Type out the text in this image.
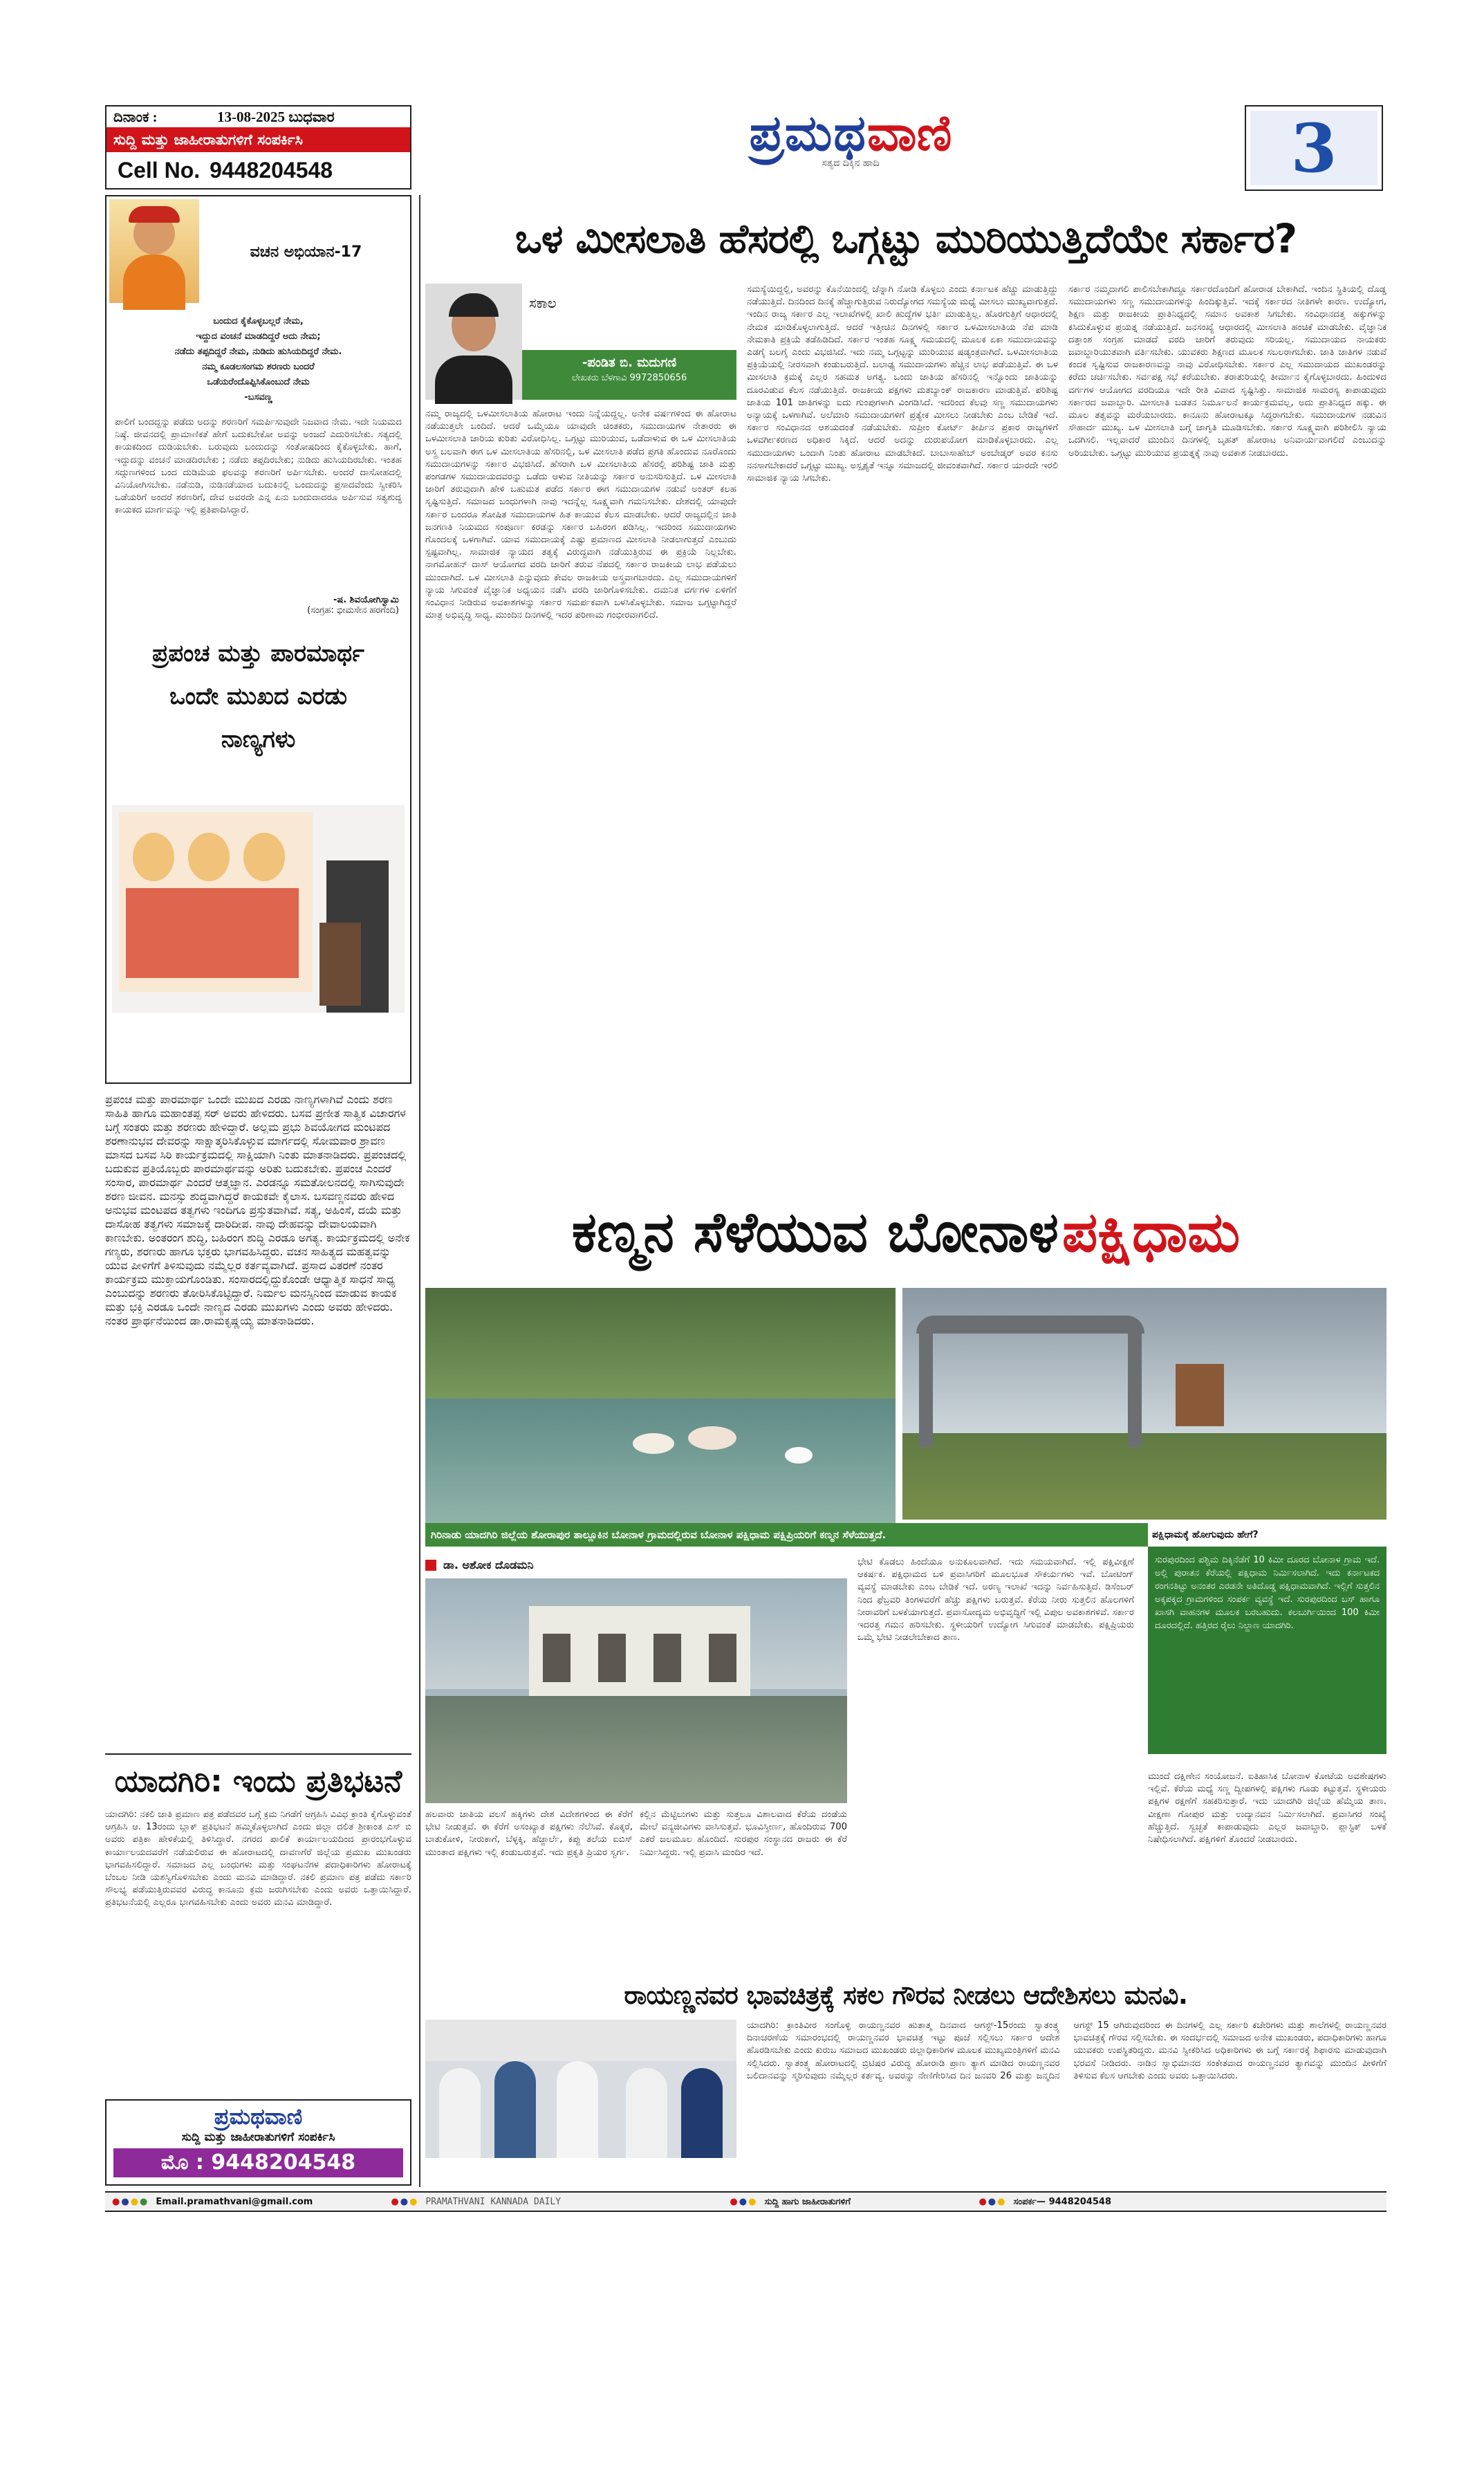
ದಿನಾಂಕ :	13-08-2025 ಬುಧವಾರ
ಸುದ್ದಿ ಮತ್ತು ಜಾಹೀರಾತುಗಳಿಗೆ ಸಂಪರ್ಕಿಸಿ
Cell No. 9448204548
ಪ್ರಮಥವಾಣಿ
ಸತ್ಯದ ದಿಕ್ಕಿನ ಹಾದಿ	3
ವಚನ ಅಭಿಯಾನ-17
ಬಂದುದ ಕೈಕೊಳ್ಳಬಲ್ಲರೆ ನೇಮ,
ಇದ್ದುದ ವಂಚನೆ ಮಾಡದಿದ್ದರೆ ಅದು ನೇಮ;
ನಡೆದು ತಪ್ಪದಿದ್ದರೆ ನೇಮ, ನುಡಿದು ಹುಸಿಯದಿದ್ದರೆ ನೇಮ.
ನಮ್ಮ ಕೂಡಲಸಂಗಮ ಶರಣರು ಬಂದರೆ
ಒಡೆಯರೆಂದೊಪ್ಪಿಸಿಕೊಂಬುದೆ ನೇಮ
-ಬಸವಣ್ಣ
ಪಾಲಿಗೆ ಬಂದದ್ದನ್ನು ಪಡೆದು ಅದನ್ನು ಶರಣರಿಗೆ ಸಮರ್ಪಿಸುವುದೇ ನಿಜವಾದ ನೇಮ. ಇದೇ ನಿಯಮದ ನಿಷ್ಠೆ. ಜೀವನದಲ್ಲಿ ಪ್ರಾಮಾಣಿಕತೆ ಹೇಗೆ ಬದುಕಬೇಕೋ ಅವನ್ನು ಅಂಜದೆ ಎದುರಿಸಬೇಕು. ಸತ್ಯದಲ್ಲಿ ಕಾಯಕದಿಂದ ದುಡಿಯಬೇಕು. ಬರುವುದು ಬಂದುದನ್ನು ಸಂತೋಷದಿಂದ ಕೈಕೊಳ್ಳಬೇಕು. ಹಾಗೆ, ಇದ್ದುದನ್ನು ವಂಚನೆ ಮಾಡದಿರಬೇಕು ; ನಡೆದು ತಪ್ಪದಿರಬೇಕು; ನುಡಿದು ಹುಸಿಯದಿರಬೇಕು. ಇಂತಹ ಸದ್ಗುಣಗಳಿಂದ ಬಂದ ದುಡಿಮೆಯ ಫಲವನ್ನು ಶರಣರಿಗೆ ಅರ್ಪಿಸಬೇಕು. ಅಂದರೆ ದಾಸೋಹದಲ್ಲಿ ವಿನಿಯೋಗಿಸಬೇಕು. ನಡೆನುಡಿ, ನುಡಿನಡೆಯಾದ ಬದುಕಿನಲ್ಲಿ ಬಂದುದನ್ನು ಪ್ರಸಾದವೆಂದು ಸ್ವೀಕರಿಸಿ ಒಡೆಯರಿಗೆ ಅಂದರೆ ಶರಣರಿಗೆ, ದೇವ ಅವರದೇ ಎನ್ನ ಏನು ಬಂದುದಾದರೂ ಅರ್ಪಿಸುವ ಸತ್ಯಶುದ್ಧ ಕಾಯಕದ ಮಾರ್ಗವನ್ನು ಇಲ್ಲಿ ಪ್ರತಿಪಾದಿಸಿದ್ದಾರೆ.
-ಷ. ಶಿವಯೋಗಿಸ್ವಾಮಿ
(ಸಂಗ್ರಹ: ಭೀಮಸೇನ ಹರಗೆಂದಿ)
ಪ್ರಪಂಚ ಮತ್ತು ಪಾರಮಾರ್ಥ ಒಂದೇ ಮುಖದ ಎರಡು ನಾಣ್ಯಗಳು
ಪ್ರಪಂಚ ಮತ್ತು ಪಾರಮಾರ್ಥ ಒಂದೇ ಮುಖದ ಎರಡು ನಾಣ್ಯಗಳಾಗಿವೆ ಎಂದು ಶರಣ ಸಾಹಿತಿ ಹಾಗೂ ಮಹಾಂತಪ್ಪ ಸರ್ ಅವರು ಹೇಳಿದರು. ಬಸವ ಪ್ರಣೀತ ಸಾತ್ವಿಕ ವಿಚಾರಗಳ ಬಗ್ಗೆ ಸಂತರು ಮತ್ತು ಶರಣರು ಹೇಳಿದ್ದಾರೆ. ಅಲ್ಲಮ ಪ್ರಭು ಶಿವಯೋಗದ ಮಂಟಪದ ಶರಣಾನುಭವ ದೇವರನ್ನು ಸಾಕ್ಷಾತ್ಕರಿಸಿಕೊಳ್ಳುವ ಮಾರ್ಗದಲ್ಲಿ ಸೋಮವಾರ ಶ್ರಾವಣ ಮಾಸದ ಬಸವ ಸಿರಿ ಕಾರ್ಯಕ್ರಮದಲ್ಲಿ ಸಾಕ್ಷಿಯಾಗಿ ನಿಂತು ಮಾತನಾಡಿದರು. ಪ್ರಪಂಚದಲ್ಲಿ ಬದುಕುವ ಪ್ರತಿಯೊಬ್ಬರು ಪಾರಮಾರ್ಥವನ್ನು ಅರಿತು ಬದುಕಬೇಕು. ಪ್ರಪಂಚ ಎಂದರೆ ಸಂಸಾರ, ಪಾರಮಾರ್ಥ ಎಂದರೆ ಆತ್ಮಜ್ಞಾನ. ಎರಡನ್ನೂ ಸಮತೋಲನದಲ್ಲಿ ಸಾಗಿಸುವುದೇ ಶರಣ ಜೀವನ. ಮನಸ್ಸು ಶುದ್ಧವಾಗಿದ್ದರೆ ಕಾಯಕವೇ ಕೈಲಾಸ. ಬಸವಣ್ಣನವರು ಹೇಳಿದ ಅನುಭವ ಮಂಟಪದ ತತ್ವಗಳು ಇಂದಿಗೂ ಪ್ರಸ್ತುತವಾಗಿವೆ. ಸತ್ಯ, ಅಹಿಂಸೆ, ದಯೆ ಮತ್ತು ದಾಸೋಹ ತತ್ವಗಳು ಸಮಾಜಕ್ಕೆ ದಾರಿದೀಪ. ನಾವು ದೇಹವನ್ನು ದೇವಾಲಯವಾಗಿ ಕಾಣಬೇಕು. ಅಂತರಂಗ ಶುದ್ಧಿ, ಬಹಿರಂಗ ಶುದ್ಧಿ ಎರಡೂ ಅಗತ್ಯ. ಕಾರ್ಯಕ್ರಮದಲ್ಲಿ ಅನೇಕ ಗಣ್ಯರು, ಶರಣರು ಹಾಗೂ ಭಕ್ತರು ಭಾಗವಹಿಸಿದ್ದರು. ವಚನ ಸಾಹಿತ್ಯದ ಮಹತ್ವವನ್ನು ಯುವ ಪೀಳಿಗೆಗೆ ತಿಳಿಸುವುದು ನಮ್ಮೆಲ್ಲರ ಕರ್ತವ್ಯವಾಗಿದೆ. ಪ್ರಸಾದ ವಿತರಣೆ ನಂತರ ಕಾರ್ಯಕ್ರಮ ಮುಕ್ತಾಯಗೊಂಡಿತು. ಸಂಸಾರದಲ್ಲಿದ್ದುಕೊಂಡೇ ಆಧ್ಯಾತ್ಮಿಕ ಸಾಧನೆ ಸಾಧ್ಯ ಎಂಬುದನ್ನು ಶರಣರು ತೋರಿಸಿಕೊಟ್ಟಿದ್ದಾರೆ. ನಿರ್ಮಲ ಮನಸ್ಸಿನಿಂದ ಮಾಡುವ ಕಾಯಕ ಮತ್ತು ಭಕ್ತಿ ಎರಡೂ ಒಂದೇ ನಾಣ್ಯದ ಎರಡು ಮುಖಗಳು ಎಂದು ಅವರು ಹೇಳಿದರು. ನಂತರ ಪ್ರಾರ್ಥನೆಯಿಂದ ಡಾ.ರಾಮಕೃಷ್ಣಯ್ಯ ಮಾತನಾಡಿದರು.
ಯಾದಗಿರಿ: ಇಂದು ಪ್ರತಿಭಟನೆ
ಯಾದಗಿರಿ: ನಕಲಿ ಜಾತಿ ಪ್ರಮಾಣ ಪತ್ರ ಪಡೆದವರ ಬಗ್ಗೆ ಕ್ರಮ ನಿಗಡೆಗೆ ಆಗ್ರಹಿಸಿ ವಿವಿಧ ಕ್ರಾಂತಿ ಕೈಗೊಳ್ಳುವಂತೆ ಆಗ್ರಹಿಸಿ ಆ. 13ರಂದು ಬ್ಲಾಕ್ ಪ್ರತಿಭಟನೆ ಹಮ್ಮಿಕೊಳ್ಳಲಾಗಿದೆ ಎಂದು ಜಿಲ್ಲಾ ದಲಿತ ಶ್ರೀಕಾಂತ ಎಸ್ ಬಿ ಅವರು ಪತ್ರಿಕಾ ಹೇಳಿಕೆಯಲ್ಲಿ ತಿಳಿಸಿದ್ದಾರೆ. ನಗರದ ಪಾಲಿಕೆ ಕಾರ್ಯಾಲಯದಿಂದ ಪ್ರಾರಂಭಗೊಳ್ಳುವ ಕಾರ್ಯಾಲಯದವರೆಗೆ ನಡೆಯಲಿರುವ ಈ ಹೋರಾಟದಲ್ಲಿ ದಾವಣಗೆರೆ ಜಿಲ್ಲೆಯ ಪ್ರಮುಖ ಮುಖಂಡರು ಭಾಗವಹಿಸಲಿದ್ದಾರೆ. ಸಮಾಜದ ಎಲ್ಲ ಬಂಧುಗಳು ಮತ್ತು ಸಂಘಟನೆಗಳ ಪದಾಧಿಕಾರಿಗಳು ಹೋರಾಟಕ್ಕೆ ಬೆಂಬಲ ನೀಡಿ ಯಶಸ್ವಿಗೊಳಿಸಬೇಕು ಎಂದು ಮನವಿ ಮಾಡಿದ್ದಾರೆ. ನಕಲಿ ಪ್ರಮಾಣ ಪತ್ರ ಪಡೆದು ಸರ್ಕಾರಿ ಸೌಲಭ್ಯ ಪಡೆಯುತ್ತಿರುವವರ ವಿರುದ್ಧ ಕಾನೂನು ಕ್ರಮ ಜರುಗಿಸಬೇಕು ಎಂದು ಅವರು ಒತ್ತಾಯಿಸಿದ್ದಾರೆ. ಪ್ರತಿಭಟನೆಯಲ್ಲಿ ಎಲ್ಲರೂ ಭಾಗವಹಿಸಬೇಕು ಎಂದು ಅವರು ಮನವಿ ಮಾಡಿದ್ದಾರೆ.
ಪ್ರಮಥವಾಣಿ
ಸುದ್ದಿ ಮತ್ತು ಜಾಹೀರಾತುಗಳಿಗೆ ಸಂಪರ್ಕಿಸಿ
ಮೊ : 9448204548
ಒಳ ಮೀಸಲಾತಿ ಹೆಸರಲ್ಲಿ ಒಗ್ಗಟ್ಟು ಮುರಿಯುತ್ತಿದೆಯೇ ಸರ್ಕಾರ?
ಸಕಾಲ
-ಪಂಡಿತ ಬಿ. ಮದುಗಣಿ
ಲೇಖಕರು ಬೆಳಗಾವಿ 9972850656
ನಮ್ಮ ರಾಜ್ಯದಲ್ಲಿ ಒಳಮೀಸಲಾತಿಯ ಹೋರಾಟ ಇಂದು ನಿನ್ನೆಯದ್ದಲ್ಲ. ಅನೇಕ ವರ್ಷಗಳಿಂದ ಈ ಹೋರಾಟ ನಡೆಯುತ್ತಲೇ ಬಂದಿದೆ. ಆದರೆ ಒಮ್ಮೆಯೂ ಯಾವುದೇ ಚಿಂತಕರು, ಸಮುದಾಯಗಳ ನೇತಾರರು ಈ ಒಳಮೀಸಲಾತಿ ಜಾರಿಯ ಕುರಿತು ವಿರೋಧಿಸಿಲ್ಲ. ಒಗ್ಗಟ್ಟು ಮುರಿಯುವ, ಒಡೆದಾಳುವ ಈ ಒಳ ಮೀಸಲಾತಿಯ ಅಸ್ತ್ರ ಬಲವಾಗಿ ಈಗ ಒಳ ಮೀಸಲಾತಿಯ ಹೆಸರಿನಲ್ಲಿ, ಒಳ ಮೀಸಲಾತಿ ಪಡೆದ ಪ್ರಗತಿ ಹೊಂದುವ ನೂರೊಂದು ಸಮುದಾಯಗಳನ್ನು ಸರ್ಕಾರ ವಿಭಜಿಸಿದೆ. ಹೆಸರಾಗಿ ಒಳ ಮೀಸಲಾತಿಯ ಹೆಸರಲ್ಲಿ ಪರಿಶಿಷ್ಟ ಜಾತಿ ಮತ್ತು ಪಂಗಡಗಳ ಸಮುದಾಯದವರನ್ನು ಒಡೆದು ಆಳುವ ನೀತಿಯನ್ನು ಸರ್ಕಾರ ಅನುಸರಿಸುತ್ತಿದೆ. ಒಳ ಮೀಸಲಾತಿ ಜಾರಿಗೆ ತರುವುದಾಗಿ ಹೇಳಿ ಬಹುಮತ ಪಡೆದ ಸರ್ಕಾರ ಈಗ ಸಮುದಾಯಗಳ ನಡುವೆ ಅಂತರ್ ಕಲಹ ಸೃಷ್ಟಿಸುತ್ತಿದೆ. ಸಮಾಜದ ಬಂಧುಗಳಾಗಿ ನಾವು ಇದನ್ನೆಲ್ಲ ಸೂಕ್ಷ್ಮವಾಗಿ ಗಮನಿಸಬೇಕು. ದೇಶದಲ್ಲಿ ಯಾವುದೇ ಸರ್ಕಾರ ಬಂದರೂ ಶೋಷಿತ ಸಮುದಾಯಗಳ ಹಿತ ಕಾಯುವ ಕೆಲಸ ಮಾಡಬೇಕು. ಆದರೆ ರಾಜ್ಯದಲ್ಲಿನ ಜಾತಿ ಜನಗಣತಿ ನಿಯಮದ ಸಂಪೂರ್ಣ ಕರಡನ್ನು ಸರ್ಕಾರ ಬಹಿರಂಗ ಪಡಿಸಿಲ್ಲ. ಇದರಿಂದ ಸಮುದಾಯಗಳು ಗೊಂದಲಕ್ಕೆ ಒಳಗಾಗಿವೆ. ಯಾವ ಸಮುದಾಯಕ್ಕೆ ಎಷ್ಟು ಪ್ರಮಾಣದ ಮೀಸಲಾತಿ ನೀಡಲಾಗುತ್ತದೆ ಎಂಬುದು ಸ್ಪಷ್ಟವಾಗಿಲ್ಲ. ಸಾಮಾಜಿಕ ನ್ಯಾಯದ ತತ್ವಕ್ಕೆ ವಿರುದ್ಧವಾಗಿ ನಡೆಯುತ್ತಿರುವ ಈ ಪ್ರಕ್ರಿಯೆ ನಿಲ್ಲಬೇಕು. ನಾಗಮೋಹನ್ ದಾಸ್ ಆಯೋಗದ ವರದಿ ಜಾರಿಗೆ ತರುವ ನೆಪದಲ್ಲಿ ಸರ್ಕಾರ ರಾಜಕೀಯ ಲಾಭ ಪಡೆಯಲು ಮುಂದಾಗಿದೆ. ಒಳ ಮೀಸಲಾತಿ ಎನ್ನುವುದು ಕೇವಲ ರಾಜಕೀಯ ಅಸ್ತ್ರವಾಗಬಾರದು. ಎಲ್ಲ ಸಮುದಾಯಗಳಿಗೆ ನ್ಯಾಯ ಸಿಗುವಂತೆ ವೈಜ್ಞಾನಿಕ ಅಧ್ಯಯನ ನಡೆಸಿ ವರದಿ ಜಾರಿಗೊಳಿಸಬೇಕು. ದಮನಿತ ವರ್ಗಗಳ ಏಳಿಗೆಗೆ ಸಂವಿಧಾನ ನೀಡಿರುವ ಅವಕಾಶಗಳನ್ನು ಸರ್ಕಾರ ಸಮರ್ಪಕವಾಗಿ ಬಳಸಿಕೊಳ್ಳಬೇಕು. ಸಮಾಜ ಒಗ್ಗಟ್ಟಾಗಿದ್ದರೆ ಮಾತ್ರ ಅಭಿವೃದ್ಧಿ ಸಾಧ್ಯ. ಮುಂದಿನ ದಿನಗಳಲ್ಲಿ ಇದರ ಪರಿಣಾಮ ಗಂಭೀರವಾಗಲಿದೆ.
ಸಮಸ್ಯೆಯಿದ್ದಲ್ಲಿ, ಅವರನ್ನು ಕೊನೆಯಿಂದಲ್ಲಿ ಚೆನ್ನಾಗಿ ನೋಡಿ ಕೊಳ್ಳಲು ಎಂದು ಕರ್ನಾಟಕ ಹೆಚ್ಚು ಮಾಡುತ್ತಿದ್ದು ನಡೆಯುತ್ತಿದೆ. ದಿನದಿಂದ ದಿನಕ್ಕೆ ಹೆಚ್ಚಾಗುತ್ತಿರುವ ನಿರುದ್ಯೋಗದ ಸಮಸ್ಯೆಯ ಮಧ್ಯೆ ಮೀಸಲು ಮುಖ್ಯವಾಗುತ್ತದೆ. ಇಂದಿನ ರಾಜ್ಯ ಸರ್ಕಾರ ಎಲ್ಲ ಇಲಾಖೆಗಳಲ್ಲಿ ಖಾಲಿ ಹುದ್ದೆಗಳ ಭರ್ತಿ ಮಾಡುತ್ತಿಲ್ಲ. ಹೊರಗುತ್ತಿಗೆ ಆಧಾರದಲ್ಲಿ ನೇಮಕ ಮಾಡಿಕೊಳ್ಳಲಾಗುತ್ತಿದೆ. ಆದರೆ ಇತ್ತೀಚಿನ ದಿನಗಳಲ್ಲಿ ಸರ್ಕಾರ ಒಳಮೀಸಲಾತಿಯ ನೆಪ ಮಾಡಿ ನೇಮಕಾತಿ ಪ್ರಕ್ರಿಯೆ ತಡೆಹಿಡಿದಿದೆ. ಸರ್ಕಾರ ಇಂತಹ ಸೂಕ್ಷ್ಮ ಸಮಯದಲ್ಲಿ ಮೂಲಕ ಏಕಾ ಸಮುದಾಯವನ್ನು ಎಡಗೈ ಬಲಗೈ ಎಂದು ವಿಭಜಿಸಿದೆ. ಇದು ನಮ್ಮ ಒಗ್ಗಟ್ಟನ್ನು ಮುರಿಯುವ ಷಡ್ಯಂತ್ರವಾಗಿದೆ. ಒಳಮೀಸಲಾತಿಯ ಪ್ರಕ್ರಿಯೆಯಲ್ಲಿ ನೀರಸವಾಗಿ ಕಂಡುಬರುತ್ತಿದೆ. ಬಲಾಢ್ಯ ಸಮುದಾಯಗಳು ಹೆಚ್ಚಿನ ಲಾಭ ಪಡೆಯುತ್ತಿವೆ. ಈ ಒಳ ಮೀಸಲಾತಿ ಕ್ರಮಕ್ಕೆ ಎಲ್ಲರ ಸಹಮತ ಅಗತ್ಯ. ಒಂದು ಜಾತಿಯ ಹೆಸರಿನಲ್ಲಿ ಇನ್ನೊಂದು ಜಾತಿಯನ್ನು ದೂರವಿಡುವ ಕೆಲಸ ನಡೆಯುತ್ತಿದೆ. ರಾಜಕೀಯ ಪಕ್ಷಗಳು ಮತಬ್ಯಾಂಕ್ ರಾಜಕಾರಣ ಮಾಡುತ್ತಿವೆ. ಪರಿಶಿಷ್ಟ ಜಾತಿಯ 101 ಜಾತಿಗಳನ್ನು ಐದು ಗುಂಪುಗಳಾಗಿ ವಿಂಗಡಿಸಿದೆ. ಇದರಿಂದ ಕೆಲವು ಸಣ್ಣ ಸಮುದಾಯಗಳು ಅನ್ಯಾಯಕ್ಕೆ ಒಳಗಾಗಿವೆ. ಅಲೆಮಾರಿ ಸಮುದಾಯಗಳಿಗೆ ಪ್ರತ್ಯೇಕ ಮೀಸಲು ನೀಡಬೇಕು ಎಂಬ ಬೇಡಿಕೆ ಇದೆ. ಸರ್ಕಾರ ಸಂವಿಧಾನದ ಆಶಯದಂತೆ ನಡೆಯಬೇಕು. ಸುಪ್ರೀಂ ಕೋರ್ಟ್ ತೀರ್ಪಿನ ಪ್ರಕಾರ ರಾಜ್ಯಗಳಿಗೆ ಒಳವರ್ಗೀಕರಣದ ಅಧಿಕಾರ ಸಿಕ್ಕಿದೆ. ಆದರೆ ಅದನ್ನು ದುರುಪಯೋಗ ಮಾಡಿಕೊಳ್ಳಬಾರದು. ಎಲ್ಲ ಸಮುದಾಯಗಳು ಒಂದಾಗಿ ನಿಂತು ಹೋರಾಟ ಮಾಡಬೇಕಿದೆ. ಬಾಬಾಸಾಹೇಬ್ ಅಂಬೇಡ್ಕರ್ ಅವರ ಕನಸು ನನಸಾಗಬೇಕಾದರೆ ಒಗ್ಗಟ್ಟು ಮುಖ್ಯ. ಅಸ್ಪೃಶ್ಯತೆ ಇನ್ನೂ ಸಮಾಜದಲ್ಲಿ ಜೀವಂತವಾಗಿದೆ. ಸರ್ಕಾರ ಯಾರದೇ ಇರಲಿ ಸಾಮಾಜಿಕ ನ್ಯಾಯ ಸಿಗಬೇಕು.
ಸರ್ಕಾರ ನಮ್ಮದಾಗಲಿ ಪಾಲಿಸಬೇಕಾಗಿದ್ದೂ ಸರ್ಕಾರದೊಂದಿಗೆ ಹೋರಾಡ ಬೇಕಾಗಿದೆ. ಇಂದಿನ ಸ್ಥಿತಿಯಲ್ಲಿ ದೊಡ್ಡ ಸಮುದಾಯಗಳು ಸಣ್ಣ ಸಮುದಾಯಗಳನ್ನು ಹಿಂದಿಕ್ಕುತ್ತಿವೆ. ಇದಕ್ಕೆ ಸರ್ಕಾರದ ನೀತಿಗಳೇ ಕಾರಣ. ಉದ್ಯೋಗ, ಶಿಕ್ಷಣ ಮತ್ತು ರಾಜಕೀಯ ಪ್ರಾತಿನಿಧ್ಯದಲ್ಲಿ ಸಮಾನ ಅವಕಾಶ ಸಿಗಬೇಕು. ಸಂವಿಧಾನದತ್ತ ಹಕ್ಕುಗಳನ್ನು ಕಸಿದುಕೊಳ್ಳುವ ಪ್ರಯತ್ನ ನಡೆಯುತ್ತಿದೆ. ಜನಸಂಖ್ಯೆ ಆಧಾರದಲ್ಲಿ ಮೀಸಲಾತಿ ಹಂಚಿಕೆ ಮಾಡಬೇಕು. ವೈಜ್ಞಾನಿಕ ದತ್ತಾಂಶ ಸಂಗ್ರಹ ಮಾಡದೆ ವರದಿ ಜಾರಿಗೆ ತರುವುದು ಸರಿಯಲ್ಲ. ಸಮುದಾಯದ ನಾಯಕರು ಜವಾಬ್ದಾರಿಯುತವಾಗಿ ವರ್ತಿಸಬೇಕು. ಯುವಕರು ಶಿಕ್ಷಣದ ಮೂಲಕ ಸಬಲರಾಗಬೇಕು. ಜಾತಿ ಜಾತಿಗಳ ನಡುವೆ ಕಂದಕ ಸೃಷ್ಟಿಸುವ ರಾಜಕಾರಣವನ್ನು ನಾವು ವಿರೋಧಿಸಬೇಕು. ಸರ್ಕಾರ ಎಲ್ಲ ಸಮುದಾಯದ ಮುಖಂಡರನ್ನು ಕರೆದು ಚರ್ಚಿಸಬೇಕು. ಸರ್ವಪಕ್ಷ ಸಭೆ ಕರೆಯಬೇಕು. ತರಾತುರಿಯಲ್ಲಿ ತೀರ್ಮಾನ ಕೈಗೊಳ್ಳಬಾರದು. ಹಿಂದುಳಿದ ವರ್ಗಗಳ ಆಯೋಗದ ವರದಿಯೂ ಇದೇ ರೀತಿ ವಿವಾದ ಸೃಷ್ಟಿಸಿತ್ತು. ಸಾಮಾಜಿಕ ಸಾಮರಸ್ಯ ಕಾಪಾಡುವುದು ಸರ್ಕಾರದ ಜವಾಬ್ದಾರಿ. ಮೀಸಲಾತಿ ಬಡತನ ನಿರ್ಮೂಲನೆ ಕಾರ್ಯಕ್ರಮವಲ್ಲ, ಅದು ಪ್ರಾತಿನಿಧ್ಯದ ಹಕ್ಕು. ಈ ಮೂಲ ತತ್ವವನ್ನು ಮರೆಯಬಾರದು. ಕಾನೂನು ಹೋರಾಟಕ್ಕೂ ಸಿದ್ಧರಾಗಬೇಕು. ಸಮುದಾಯಗಳ ನಡುವಿನ ಸೌಹಾರ್ದ ಮುಖ್ಯ. ಒಳ ಮೀಸಲಾತಿ ಬಗ್ಗೆ ಜಾಗೃತಿ ಮೂಡಿಸಬೇಕು. ಸರ್ಕಾರ ಸೂಕ್ಷ್ಮವಾಗಿ ಪರಿಶೀಲಿಸಿ ನ್ಯಾಯ ಒದಗಿಸಲಿ. ಇಲ್ಲವಾದರೆ ಮುಂದಿನ ದಿನಗಳಲ್ಲಿ ಬೃಹತ್ ಹೋರಾಟ ಅನಿವಾರ್ಯವಾಗಲಿದೆ ಎಂಬುದನ್ನು ಅರಿಯಬೇಕು. ಒಗ್ಗಟ್ಟು ಮುರಿಯುವ ಪ್ರಯತ್ನಕ್ಕೆ ನಾವು ಅವಕಾಶ ನೀಡಬಾರದು.
ಕಣ್ಮನ ಸೆಳೆಯುವ ಬೋನಾಳ ಪಕ್ಷಿಧಾಮ
ಗಿರಿನಾಡು ಯಾದಗಿರಿ ಜಿಲ್ಲೆಯ ಶೋರಾಪುರ ತಾಲ್ಲೂಕಿನ ಬೋನಾಳ ಗ್ರಾಮದಲ್ಲಿರುವ ಬೋನಾಳ ಪಕ್ಷಿಧಾಮ ಪಕ್ಷಿಪ್ರಿಯರಿಗೆ ಕಣ್ಮನ ಸೆಳೆಯುತ್ತದೆ.
ಡಾ. ಅಶೋಕ ದೊಡಮನಿ
ಹಲವಾರು ಜಾತಿಯ ವಲಸೆ ಹಕ್ಕಿಗಳು ದೇಶ ವಿದೇಶಗಳಿಂದ ಈ ಕೆರೆಗೆ ಭೇಟಿ ನೀಡುತ್ತವೆ. ಈ ಕೆರೆಗೆ ಅಸಂಖ್ಯಾತ ಪಕ್ಷಿಗಳು ನೆಲೆಸಿವೆ. ಕೊಕ್ಕರೆ, ಬಾತುಕೋಳಿ, ನೀರುಕಾಗೆ, ಬೆಳ್ಳಕ್ಕಿ, ಹೆಜ್ಜಾರ್ಲೆ, ಕಪ್ಪು ತಲೆಯ ಐಬಿಸ್ ಮುಂತಾದ ಪಕ್ಷಿಗಳು ಇಲ್ಲಿ ಕಂಡುಬರುತ್ತವೆ. ಇದು ಪ್ರಕೃತಿ ಪ್ರಿಯರ ಸ್ವರ್ಗ.
ಕಲ್ಲಿನ ಮೆಟ್ಟಿಲುಗಳು ಮತ್ತು ಸುತ್ತಲೂ ವಿಶಾಲವಾದ ಕೆರೆಯ ದಂಡೆಯ ಮೇಲೆ ವನ್ಯಜೀವಿಗಳು ವಾಸಿಸುತ್ತವೆ. ಭೂವಿಸ್ತೀರ್ಣ, ಹೊಂದಿರುವ 700 ಎಕರೆ ಜಲಮೂಲ ಹೊಂದಿದೆ. ಸುರಪುರ ಸಂಸ್ಥಾನದ ರಾಜರು ಈ ಕೆರೆ ನಿರ್ಮಿಸಿದ್ದರು. ಇಲ್ಲಿ ಪ್ರವಾಸಿ ಮಂದಿರ ಇದೆ.
ಭೇಟಿ ಕೊಡಲು ಹಿಂದೆಯೂ ಅನುಕೂಲವಾಗಿದೆ. ಇದು ಸಮಯವಾಗಿದೆ. ಇಲ್ಲಿ ಪಕ್ಷಿವೀಕ್ಷಣೆ ಆಕರ್ಷಕ. ಪಕ್ಷಿಧಾಮದ ಬಳಿ ಪ್ರವಾಸಿಗರಿಗೆ ಮೂಲಭೂತ ಸೌಕರ್ಯಗಳು ಇವೆ. ಬೋಟಿಂಗ್ ವ್ಯವಸ್ಥೆ ಮಾಡಬೇಕು ಎಂಬ ಬೇಡಿಕೆ ಇದೆ. ಅರಣ್ಯ ಇಲಾಖೆ ಇದನ್ನು ನಿರ್ವಹಿಸುತ್ತಿದೆ. ಡಿಸೆಂಬರ್ ನಿಂದ ಫೆಬ್ರವರಿ ತಿಂಗಳವರೆಗೆ ಹೆಚ್ಚು ಪಕ್ಷಿಗಳು ಬರುತ್ತವೆ. ಕೆರೆಯ ನೀರು ಸುತ್ತಲಿನ ಹೊಲಗಳಿಗೆ ನೀರಾವರಿಗೆ ಬಳಕೆಯಾಗುತ್ತದೆ. ಪ್ರವಾಸೋದ್ಯಮ ಅಭಿವೃದ್ಧಿಗೆ ಇಲ್ಲಿ ವಿಪುಲ ಅವಕಾಶಗಳಿವೆ. ಸರ್ಕಾರ ಇದರತ್ತ ಗಮನ ಹರಿಸಬೇಕು. ಸ್ಥಳೀಯರಿಗೆ ಉದ್ಯೋಗ ಸಿಗುವಂತೆ ಮಾಡಬೇಕು. ಪಕ್ಷಿಪ್ರಿಯರು ಒಮ್ಮೆ ಭೇಟಿ ನೀಡಲೇಬೇಕಾದ ತಾಣ.
ಪಕ್ಷಿಧಾಮಕ್ಕೆ ಹೋಗುವುದು ಹೇಗೆ?
ಸುರಪುರದಿಂದ ಪಶ್ಚಿಮ ದಿಕ್ಕಿನೆಡೆಗೆ 10 ಕಿಮೀ ದೂರದ ಬೋನಾಳ ಗ್ರಾಮ ಇದೆ. ಅಲ್ಲಿ ಪುರಾತನ ಕೆರೆಯಲ್ಲಿ ಪಕ್ಷಿಧಾಮ ನಿರ್ಮಿಸಲಾಗಿದೆ. ಇದು ಕರ್ನಾಟಕದ ರಂಗನತಿಟ್ಟು ಅನಂತರ ಎರಡನೇ ಅತಿದೊಡ್ಡ ಪಕ್ಷಿಧಾಮವಾಗಿದೆ. ಇಲ್ಲಿಗೆ ಸುತ್ತಲಿನ ಅಕ್ಕಪಕ್ಕದ ಗ್ರಾಮಗಳಿಂದ ಸಂಪರ್ಕ ವ್ಯವಸ್ಥೆ ಇದೆ. ಸುರಪುರದಿಂದ ಬಸ್ ಹಾಗೂ ಖಾಸಗಿ ವಾಹನಗಳ ಮೂಲಕ ಬರಬಹುದು. ಕಲಬುರ್ಗಿಯಿಂದ 100 ಕಿಮೀ ದೂರದಲ್ಲಿದೆ. ಹತ್ತಿರದ ರೈಲು ನಿಲ್ದಾಣ ಯಾದಗಿರಿ.
ಮುಂದೆ ದಕ್ಷಿಣೇನ ಸಂಯೋಜನೆ. ಐತಿಹಾಸಿಕ ಬೋನಾಳ ಕೋಟೆಯ ಅವಶೇಷಗಳು ಇಲ್ಲಿವೆ. ಕೆರೆಯ ಮಧ್ಯೆ ಸಣ್ಣ ದ್ವೀಪಗಳಲ್ಲಿ ಪಕ್ಷಿಗಳು ಗೂಡು ಕಟ್ಟುತ್ತವೆ. ಸ್ಥಳೀಯರು ಪಕ್ಷಿಗಳ ರಕ್ಷಣೆಗೆ ಸಹಕರಿಸುತ್ತಾರೆ. ಇದು ಯಾದಗಿರಿ ಜಿಲ್ಲೆಯ ಹೆಮ್ಮೆಯ ತಾಣ. ವೀಕ್ಷಣಾ ಗೋಪುರ ಮತ್ತು ಉದ್ಯಾನವನ ನಿರ್ಮಿಸಲಾಗಿದೆ. ಪ್ರವಾಸಿಗರ ಸಂಖ್ಯೆ ಹೆಚ್ಚುತ್ತಿದೆ. ಸ್ವಚ್ಛತೆ ಕಾಪಾಡುವುದು ಎಲ್ಲರ ಜವಾಬ್ದಾರಿ. ಪ್ಲಾಸ್ಟಿಕ್ ಬಳಕೆ ನಿಷೇಧಿಸಲಾಗಿದೆ. ಪಕ್ಷಿಗಳಿಗೆ ತೊಂದರೆ ನೀಡಬಾರದು.
ರಾಯಣ್ಣನವರ ಭಾವಚಿತ್ರಕ್ಕೆ ಸಕಲ ಗೌರವ ನೀಡಲು ಆದೇಶಿಸಲು ಮನವಿ.
ಯಾದಗಿರಿ: ಕ್ರಾಂತಿವೀರ ಸಂಗೊಳ್ಳಿ ರಾಯಣ್ಣನವರ ಹುತಾತ್ಮ ದಿನವಾದ ಆಗಸ್ಟ್-15ರಂದು ಸ್ವಾತಂತ್ರ್ಯ ದಿನಾಚರಣೆಯ ಸಮಾರಂಭದಲ್ಲಿ ರಾಯಣ್ಣನವರ ಭಾವಚಿತ್ರ ಇಟ್ಟು ಪೂಜೆ ಸಲ್ಲಿಸಲು ಸರ್ಕಾರ ಆದೇಶ ಹೊರಡಿಸಬೇಕು ಎಂದು ಕುರುಬ ಸಮಾಜದ ಮುಖಂಡರು ಜಿಲ್ಲಾಧಿಕಾರಿಗಳ ಮೂಲಕ ಮುಖ್ಯಮಂತ್ರಿಗಳಿಗೆ ಮನವಿ ಸಲ್ಲಿಸಿದರು. ಸ್ವಾತಂತ್ರ್ಯ ಹೋರಾಟದಲ್ಲಿ ಬ್ರಿಟಿಷರ ವಿರುದ್ಧ ಹೋರಾಡಿ ಪ್ರಾಣ ತ್ಯಾಗ ಮಾಡಿದ ರಾಯಣ್ಣನವರ ಬಲಿದಾನವನ್ನು ಸ್ಮರಿಸುವುದು ನಮ್ಮೆಲ್ಲರ ಕರ್ತವ್ಯ. ಅವರನ್ನು ನೇಣಿಗೇರಿಸಿದ ದಿನ ಜನವರಿ 26 ಮತ್ತು ಜನ್ಮದಿನ ಆಗಸ್ಟ್ 15 ಆಗಿರುವುದರಿಂದ ಈ ದಿನಗಳಲ್ಲಿ ಎಲ್ಲ ಸರ್ಕಾರಿ ಕಚೇರಿಗಳು ಮತ್ತು ಶಾಲೆಗಳಲ್ಲಿ ರಾಯಣ್ಣನವರ ಭಾವಚಿತ್ರಕ್ಕೆ ಗೌರವ ಸಲ್ಲಿಸಬೇಕು. ಈ ಸಂದರ್ಭದಲ್ಲಿ ಸಮಾಜದ ಅನೇಕ ಮುಖಂಡರು, ಪದಾಧಿಕಾರಿಗಳು ಹಾಗೂ ಯುವಕರು ಉಪಸ್ಥಿತರಿದ್ದರು. ಮನವಿ ಸ್ವೀಕರಿಸಿದ ಅಧಿಕಾರಿಗಳು ಈ ಬಗ್ಗೆ ಸರ್ಕಾರಕ್ಕೆ ಶಿಫಾರಸು ಮಾಡುವುದಾಗಿ ಭರವಸೆ ನೀಡಿದರು. ನಾಡಿನ ಸ್ವಾಭಿಮಾನದ ಸಂಕೇತವಾದ ರಾಯಣ್ಣನವರ ತ್ಯಾಗವನ್ನು ಮುಂದಿನ ಪೀಳಿಗೆಗೆ ತಿಳಿಸುವ ಕೆಲಸ ಆಗಬೇಕು ಎಂದು ಅವರು ಒತ್ತಾಯಿಸಿದರು.
●●●● Email.pramathvani@gmail.com	●●● PRAMATHVANI KANNADA DAILY	●●● ಸುದ್ದಿ ಹಾಗು ಜಾಹೀರಾತುಗಳಿಗೆ	●●● ಸಂಪರ್ಕ— 9448204548
